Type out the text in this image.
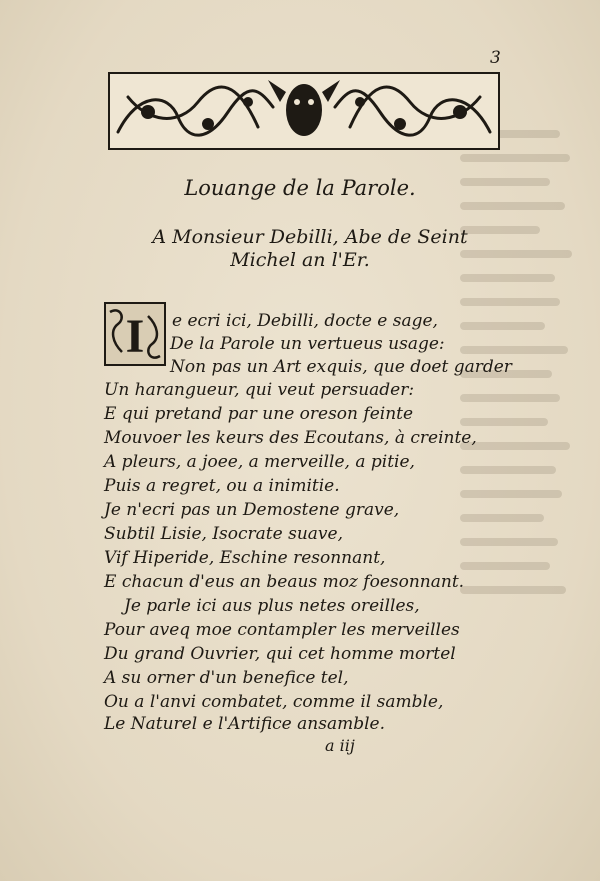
3
Louange de la Parole.
A Monsieur Debilli, Abe de Seint
Michel an l'Er.
I e ecri ici, Debilli, docte e sage,
De la Parole un vertueus usage:
Non pas un Art exquis, que doet garder
Un harangueur, qui veut persuader:
E qui pretand par une oreson feinte
Mouvoer les keurs des Ecoutans, à creinte,
A pleurs, a joee, a merveille, a pitie,
Puis a regret, ou a inimitie.
Je n'ecri pas un Demostene grave,
Subtil Lisie, Isocrate suave,
Vif Hiperide, Eschine resonnant,
E chacun d'eus an beaus moz foesonnant.
Je parle ici aus plus netes oreilles,
Pour aveq moe contampler les merveilles
Du grand Ouvrier, qui cet homme mortel
A su orner d'un benefice tel,
Ou a l'anvi combatet, comme il samble,
Le Naturel e l'Artifice ansamble.
a iij
